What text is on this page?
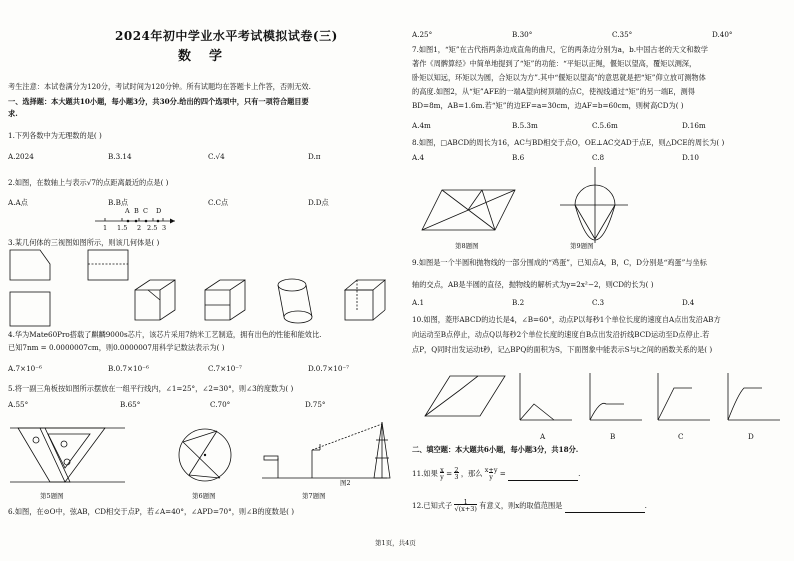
2024年初中学业水平考试模拟试卷(三)
数学
考生注意：本试卷满分为120分，考试时间为120分钟。所有试题均在答题卡上作答，否则无效.
一、选择题：本大题共10小题，每小题3分，共30分.给出的四个选项中，只有一项符合题目要
求.
1.下列各数中为无理数的是( )
A.2024	B.3.14	C.√4	D.π
2.如图，在数轴上与表示√7的点距离最近的点是( )
A.A点	B.B点	C.C点	D.D点
A B C D
1 1.5 2 2.5 3
3.某几何体的三视图如图所示，则该几何体是( )
4.华为Mate60Pro搭载了麒麟9000s芯片，该芯片采用7纳米工艺制造，拥有出色的性能和能效比.
已知7nm = 0.0000007cm，则0.0000007用科学记数法表示为( )
A.7×10⁻⁶	B.0.7×10⁻⁶	C.7×10⁻⁷	D.0.7×10⁻⁷
5.将一副三角板按如图所示摆放在一组平行线内，∠1=25°，∠2=30°，则∠3的度数为( )
A.55°	B.65°	C.70°	D.75°
第5题图	第6题图
图2
第7题图
6.如图，在⊙O中，弦AB，CD相交于点P，若∠A=40°，∠APD=70°，则∠B的度数是( )
A.25°	B.30°	C.35°	D.40°
7.如图1，“矩”在古代指两条边成直角的曲尺，它的两条边分别为a，b.中国古老的天文和数学
著作《周髀算经》中简单地提到了“矩”的功能：“平矩以正绳，偃矩以望高，覆矩以测深，
卧矩以知远，环矩以为圆，合矩以为方”.其中“偃矩以望高”的意思就是把“矩”仰立放可测物体
的高度.如图2，从“矩”AFE的一端A望向树顶端的点C，使视线通过“矩”的另一端E，测得
BD=8m，AB=1.6m.若“矩”的边EF=a=30cm，边AF=b=60cm，则树高CD为( )
A.4m	B.5.3m	C.5.6m	D.16m
8.如图，□ABCD的周长为16，AC与BD相交于点O，OE⊥AC交AD于点E，则△DCE的周长为( )
A.4	B.6	C.8	D.10
第8题图	第9题图
9.如图是一个半圆和抛物线的一部分围成的“鸡蛋”，已知点A，B，C，D分别是“鸡蛋”与坐标
轴的交点，AB是半圆的直径，抛物线的解析式为y=2x²−2，则CD的长为( )
A.1	B.2	C.3	D.4
10.如图，菱形ABCD的边长是4，∠B=60°，动点P以每秒1个单位长度的速度自A点出发沿AB方
向运动至B点停止，动点Q以每秒2个单位长度的速度自B点出发沿折线BCD运动至D点停止.若
点P，Q同时出发运动t秒，记△BPQ的面积为S，下面图象中能表示S与t之间的函数关系的是( )
A	B	C	D
二、填空题：本大题共6小题，每小题3分，共18分.
11.如果 x
y = 2
3 ，那么 x+y
y =	.
12.已知式子 1
√(x+3) 有意义，则x的取值范围是	.
第1页，共4页
